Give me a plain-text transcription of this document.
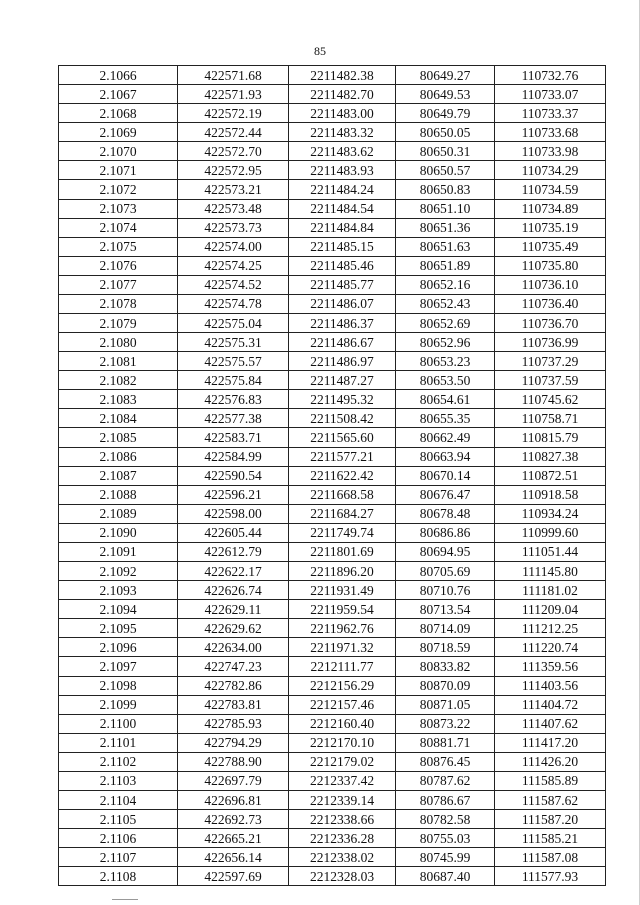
85
2.1066	422571.68	2211482.38	80649.27	110732.76
2.1067	422571.93	2211482.70	80649.53	110733.07
2.1068	422572.19	2211483.00	80649.79	110733.37
2.1069	422572.44	2211483.32	80650.05	110733.68
2.1070	422572.70	2211483.62	80650.31	110733.98
2.1071	422572.95	2211483.93	80650.57	110734.29
2.1072	422573.21	2211484.24	80650.83	110734.59
2.1073	422573.48	2211484.54	80651.10	110734.89
2.1074	422573.73	2211484.84	80651.36	110735.19
2.1075	422574.00	2211485.15	80651.63	110735.49
2.1076	422574.25	2211485.46	80651.89	110735.80
2.1077	422574.52	2211485.77	80652.16	110736.10
2.1078	422574.78	2211486.07	80652.43	110736.40
2.1079	422575.04	2211486.37	80652.69	110736.70
2.1080	422575.31	2211486.67	80652.96	110736.99
2.1081	422575.57	2211486.97	80653.23	110737.29
2.1082	422575.84	2211487.27	80653.50	110737.59
2.1083	422576.83	2211495.32	80654.61	110745.62
2.1084	422577.38	2211508.42	80655.35	110758.71
2.1085	422583.71	2211565.60	80662.49	110815.79
2.1086	422584.99	2211577.21	80663.94	110827.38
2.1087	422590.54	2211622.42	80670.14	110872.51
2.1088	422596.21	2211668.58	80676.47	110918.58
2.1089	422598.00	2211684.27	80678.48	110934.24
2.1090	422605.44	2211749.74	80686.86	110999.60
2.1091	422612.79	2211801.69	80694.95	111051.44
2.1092	422622.17	2211896.20	80705.69	111145.80
2.1093	422626.74	2211931.49	80710.76	111181.02
2.1094	422629.11	2211959.54	80713.54	111209.04
2.1095	422629.62	2211962.76	80714.09	111212.25
2.1096	422634.00	2211971.32	80718.59	111220.74
2.1097	422747.23	2212111.77	80833.82	111359.56
2.1098	422782.86	2212156.29	80870.09	111403.56
2.1099	422783.81	2212157.46	80871.05	111404.72
2.1100	422785.93	2212160.40	80873.22	111407.62
2.1101	422794.29	2212170.10	80881.71	111417.20
2.1102	422788.90	2212179.02	80876.45	111426.20
2.1103	422697.79	2212337.42	80787.62	111585.89
2.1104	422696.81	2212339.14	80786.67	111587.62
2.1105	422692.73	2212338.66	80782.58	111587.20
2.1106	422665.21	2212336.28	80755.03	111585.21
2.1107	422656.14	2212338.02	80745.99	111587.08
2.1108	422597.69	2212328.03	80687.40	111577.93
